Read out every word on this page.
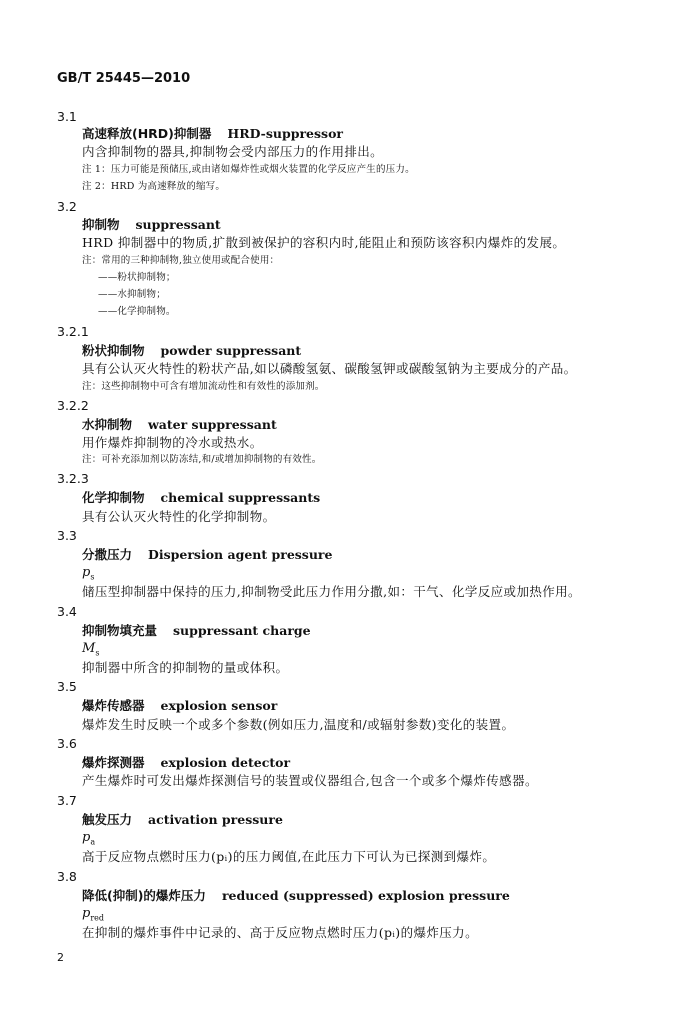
GB/T 25445—2010
3.1
高速释放(HRD)抑制器 HRD-suppressor
内含抑制物的器具,抑制物会受内部压力的作用排出。
注 1：压力可能是预储压,或由诸如爆炸性或烟火装置的化学反应产生的压力。
注 2：HRD 为高速释放的缩写。
3.2
抑制物 suppressant
HRD 抑制器中的物质,扩散到被保护的容积内时,能阻止和预防该容积内爆炸的发展。
注：常用的三种抑制物,独立使用或配合使用：
——粉状抑制物；
——水抑制物；
——化学抑制物。
3.2.1
粉状抑制物 powder suppressant
具有公认灭火特性的粉状产品,如以磷酸氢氨、碳酸氢钾或碳酸氢钠为主要成分的产品。
注：这些抑制物中可含有增加流动性和有效性的添加剂。
3.2.2
水抑制物 water suppressant
用作爆炸抑制物的冷水或热水。
注：可补充添加剂以防冻结,和/或增加抑制物的有效性。
3.2.3
化学抑制物 chemical suppressants
具有公认灭火特性的化学抑制物。
3.3
分撒压力 Dispersion agent pressure
$p_s$
储压型抑制器中保持的压力,抑制物受此压力作用分撒,如：干气、化学反应或加热作用。
3.4
抑制物填充量 suppressant charge
$M_s$
抑制器中所含的抑制物的量或体积。
3.5
爆炸传感器 explosion sensor
爆炸发生时反映一个或多个参数(例如压力,温度和/或辐射参数)变化的装置。
3.6
爆炸探测器 explosion detector
产生爆炸时可发出爆炸探测信号的装置或仪器组合,包含一个或多个爆炸传感器。
3.7
触发压力 activation pressure
$p_a$
高于反应物点燃时压力(pᵢ)的压力阈值,在此压力下可认为已探测到爆炸。
3.8
降低(抑制)的爆炸压力 reduced (suppressed) explosion pressure
$p_{red}$
在抑制的爆炸事件中记录的、高于反应物点燃时压力(pᵢ)的爆炸压力。
2
